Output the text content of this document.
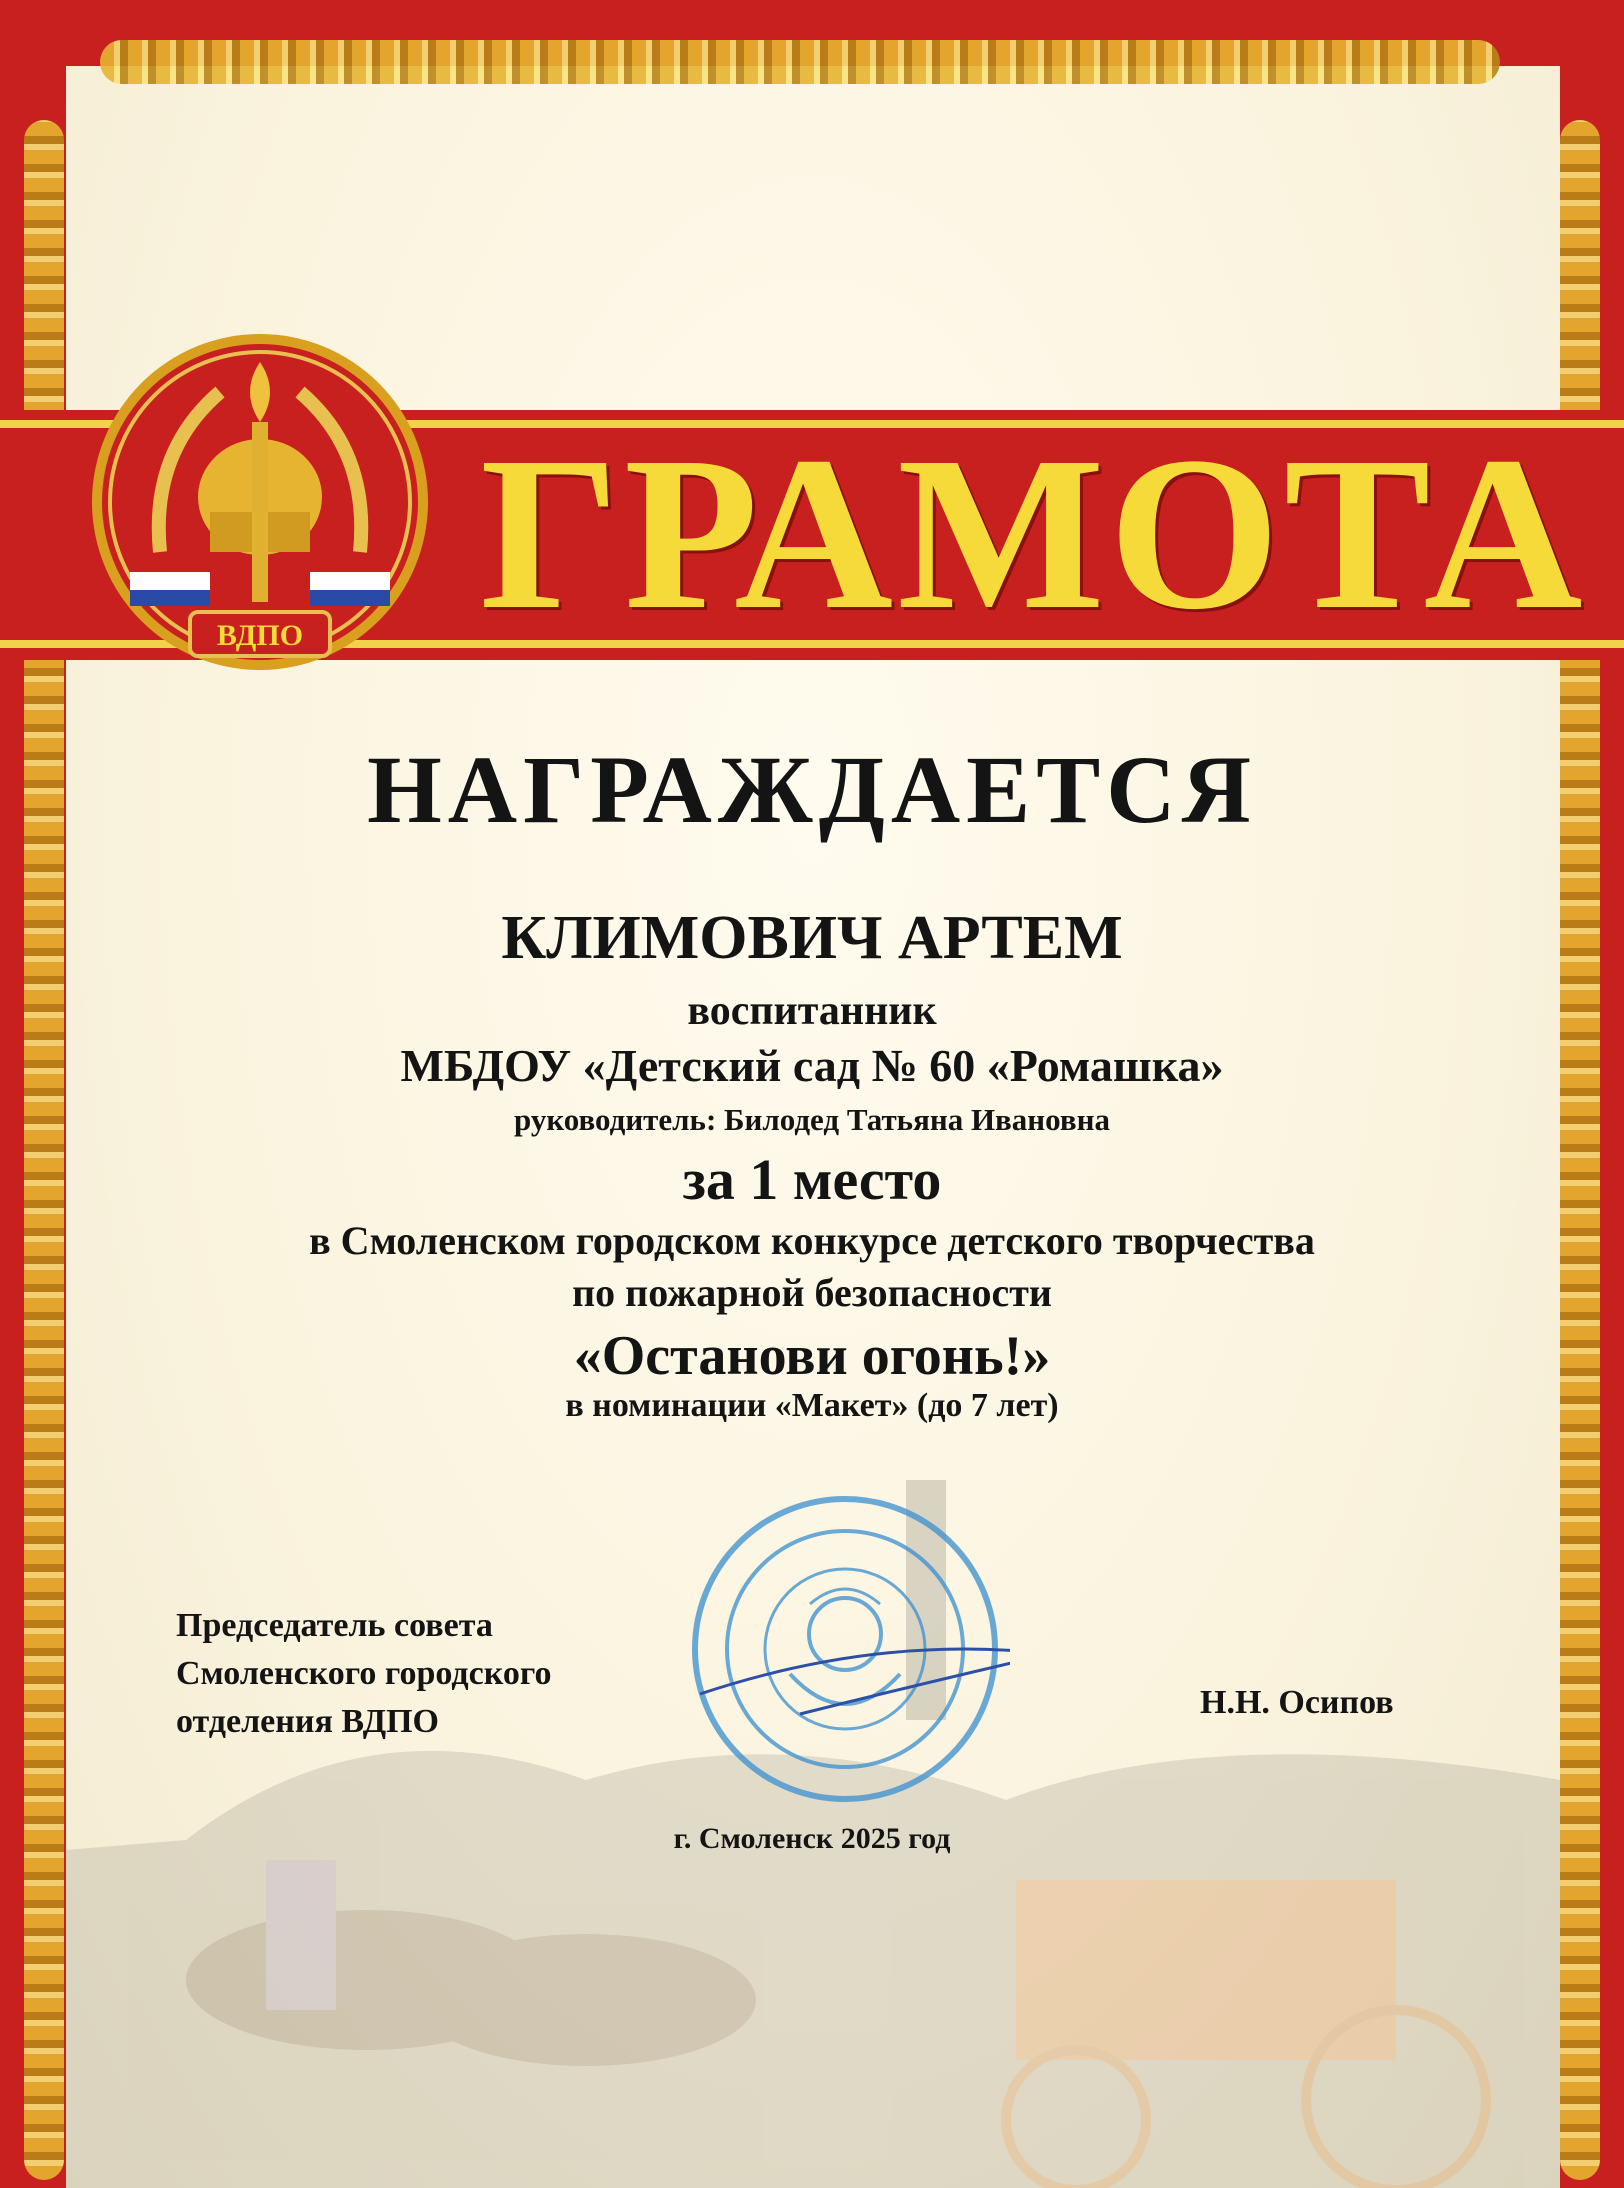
ГРАМОТА
ВДПО
НАГРАЖДАЕТСЯ
КЛИМОВИЧ АРТЕМ
воспитанник
МБДОУ «Детский сад № 60 «Ромашка»
руководитель: Билодед Татьяна Ивановна
за 1 место
в Смоленском городском конкурсе детского творчества
по пожарной безопасности
«Останови огонь!»
в номинации «Макет» (до 7 лет)
Председатель совета
Смоленского городского
отделения ВДПО
Н.Н. Осипов
г. Смоленск 2025 год
